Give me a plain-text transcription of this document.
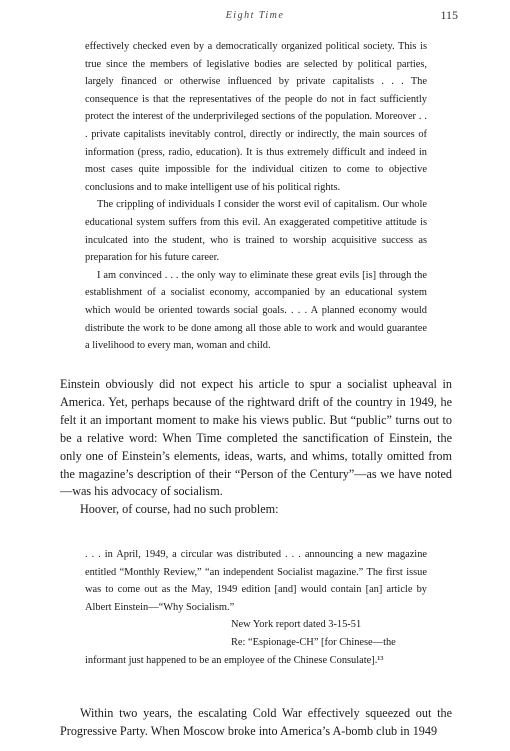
Eight Time	115

effectively checked even by a democratically organized political society. This is true since the members of legislative bodies are selected by political parties, largely financed or otherwise influenced by private capitalists . . . The consequence is that the representatives of the people do not in fact sufficiently protect the interest of the underprivileged sections of the population. Moreover . . . private capitalists inevitably control, directly or indirectly, the main sources of information (press, radio, education). It is thus extremely difficult and indeed in most cases quite impossible for the individual citizen to come to objective conclusions and to make intelligent use of his political rights.

The crippling of individuals I consider the worst evil of capitalism. Our whole educational system suffers from this evil. An exaggerated competitive attitude is inculcated into the student, who is trained to worship acquisitive success as preparation for his future career.

I am convinced . . . the only way to eliminate these great evils [is] through the establishment of a socialist economy, accompanied by an educational system which would be oriented towards social goals. . . . A planned economy would distribute the work to be done among all those able to work and would guarantee a livelihood to every man, woman and child.

Einstein obviously did not expect his article to spur a socialist upheaval in America. Yet, perhaps because of the rightward drift of the country in 1949, he felt it an important moment to make his views public. But “public” turns out to be a relative word: When Time completed the sanctification of Einstein, the only one of Einstein’s elements, ideas, warts, and whims, totally omitted from the magazine’s description of their “Person of the Century”—as we have noted—was his advocacy of socialism.

Hoover, of course, had no such problem:

. . . in April, 1949, a circular was distributed . . . announcing a new magazine entitled “Monthly Review,” “an independent Socialist magazine.” The first issue was to come out as the May, 1949 edition [and] would contain [an] article by Albert Einstein—“Why Socialism.”

New York report dated 3-15-51

Re: “Espionage-CH” [for Chinese—the

informant just happened to be an employee of the Chinese Consulate].¹³

Within two years, the escalating Cold War effectively squeezed out the Progressive Party. When Moscow broke into America’s A-bomb club in 1949
